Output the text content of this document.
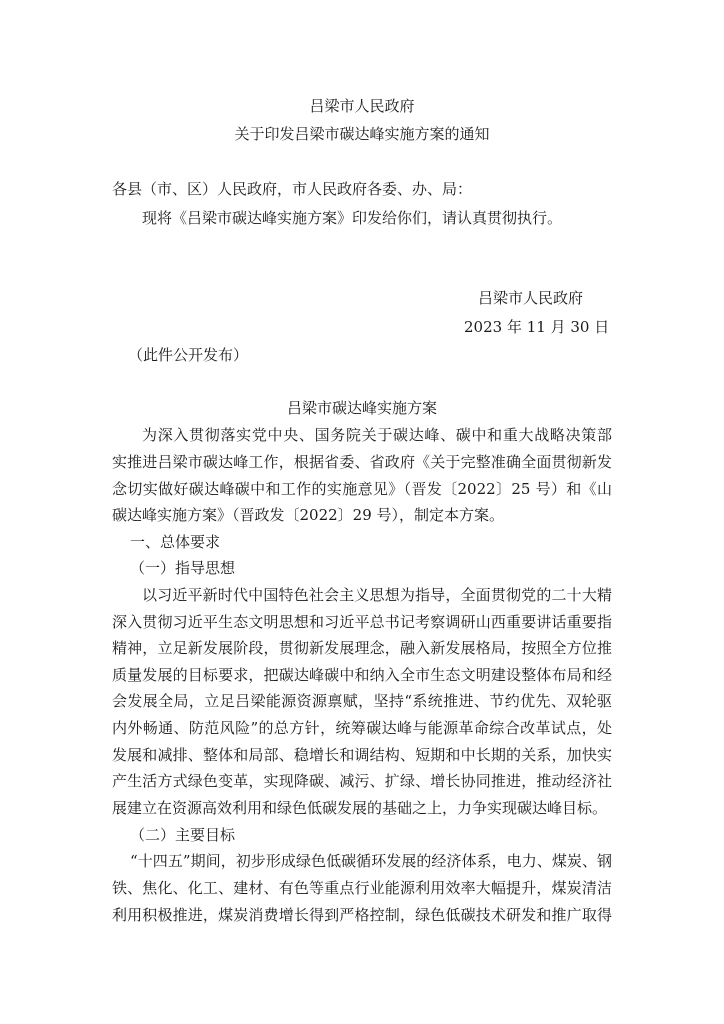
吕梁市人民政府

关于印发吕梁市碳达峰实施方案的通知

各县（市、区）人民政府，市人民政府各委、办、局：

现将《吕梁市碳达峰实施方案》印发给你们，请认真贯彻执行。

吕梁市人民政府

2023 年 11 月 30 日

（此件公开发布）

吕梁市碳达峰实施方案

为深入贯彻落实党中央、国务院关于碳达峰、碳中和重大战略决策部

实推进吕梁市碳达峰工作，根据省委、省政府《关于完整准确全面贯彻新发

念切实做好碳达峰碳中和工作的实施意见》（晋发〔2022〕25 号）和《山

碳达峰实施方案》（晋政发〔2022〕29 号），制定本方案。

一、总体要求

（一）指导思想

以习近平新时代中国特色社会主义思想为指导，全面贯彻党的二十大精

深入贯彻习近平生态文明思想和习近平总书记考察调研山西重要讲话重要指

精神，立足新发展阶段，贯彻新发展理念，融入新发展格局，按照全方位推

质量发展的目标要求，把碳达峰碳中和纳入全市生态文明建设整体布局和经

会发展全局，立足吕梁能源资源禀赋，坚持“系统推进、节约优先、双轮驱

内外畅通、防范风险”的总方针，统筹碳达峰与能源革命综合改革试点，处

发展和减排、整体和局部、稳增长和调结构、短期和中长期的关系，加快实

产生活方式绿色变革，实现降碳、减污、扩绿、增长协同推进，推动经济社

展建立在资源高效利用和绿色低碳发展的基础之上，力争实现碳达峰目标。

（二）主要目标

“十四五”期间，初步形成绿色低碳循环发展的经济体系，电力、煤炭、钢

铁、焦化、化工、建材、有色等重点行业能源利用效率大幅提升，煤炭清洁

利用积极推进，煤炭消费增长得到严格控制，绿色低碳技术研发和推广取得
